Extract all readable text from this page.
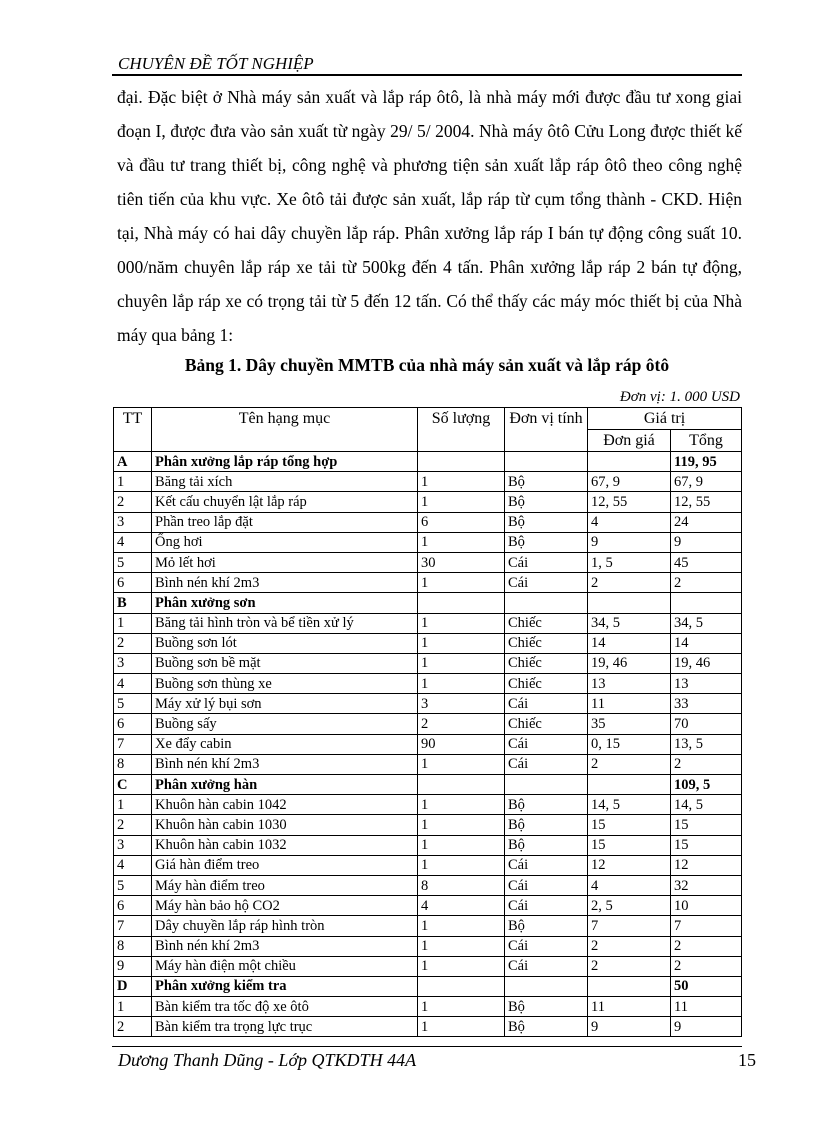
CHUYÊN ĐỀ TỐT NGHIỆP

đại. Đặc biệt ở Nhà máy sản xuất và lắp ráp ôtô, là nhà máy mới được đầu tư xong giai đoạn I, được đưa vào sản xuất từ ngày 29/ 5/ 2004. Nhà máy ôtô Cửu Long được thiết kế và đầu tư trang thiết bị, công nghệ và phương tiện sản xuất lắp ráp ôtô theo công nghệ tiên tiến của khu vực. Xe ôtô tải được sản xuất, lắp ráp từ cụm tổng thành - CKD. Hiện tại, Nhà máy có hai dây chuyền lắp ráp. Phân xưởng lắp ráp I bán tự động công suất 10. 000/năm chuyên lắp ráp xe tải từ 500kg đến 4 tấn. Phân xưởng lắp ráp 2 bán tự động, chuyên lắp ráp xe có trọng tải từ 5 đến 12 tấn. Có thể thấy các máy móc thiết bị của Nhà máy qua bảng 1:

Bảng 1. Dây chuyền MMTB của nhà máy sản xuất và lắp ráp ôtô
Đơn vị: 1. 000 USD
TT	Tên hạng mục	Số lượng	Đơn vị tính	Giá trị	
				Đơn giá	Tổng
A	Phân xưởng lắp ráp tổng hợp				119, 95
1	Băng tải xích	1	Bộ	67, 9	67, 9
2	Kết cấu chuyển lật lắp ráp	1	Bộ	12, 55	12, 55
3	Phần treo lắp đặt	6	Bộ	4	24
4	Ống hơi	1	Bộ	9	9
5	Mỏ lết hơi	30	Cái	1, 5	45
6	Bình nén khí 2m3	1	Cái	2	2
B	Phân xưởng sơn				
1	Băng tải hình tròn và bể tiền xử lý	1	Chiếc	34, 5	34, 5
2	Buồng sơn lót	1	Chiếc	14	14
3	Buồng sơn bề mặt	1	Chiếc	19, 46	19, 46
4	Buồng sơn thùng xe	1	Chiếc	13	13
5	Máy xử lý bụi sơn	3	Cái	11	33
6	Buồng sấy	2	Chiếc	35	70
7	Xe đẩy cabin	90	Cái	0, 15	13, 5
8	Bình nén khí 2m3	1	Cái	2	2
C	Phân xưởng hàn				109, 5
1	Khuôn hàn cabin 1042	1	Bộ	14, 5	14, 5
2	Khuôn hàn cabin 1030	1	Bộ	15	15
3	Khuôn hàn cabin 1032	1	Bộ	15	15
4	Giá hàn điểm treo	1	Cái	12	12
5	Máy hàn điểm treo	8	Cái	4	32
6	Máy hàn bảo hộ CO2	4	Cái	2, 5	10
7	Dây chuyền lắp ráp hình tròn	1	Bộ	7	7
8	Bình nén khí 2m3	1	Cái	2	2
9	Máy hàn điện một chiều	1	Cái	2	2
D	Phân xưởng kiểm tra				50
1	Bàn kiểm tra tốc độ xe ôtô	1	Bộ	11	11
2	Bàn kiểm tra trọng lực trục	1	Bộ	9	9
Dương Thanh Dũng - Lớp QTKDTH 44A	15
